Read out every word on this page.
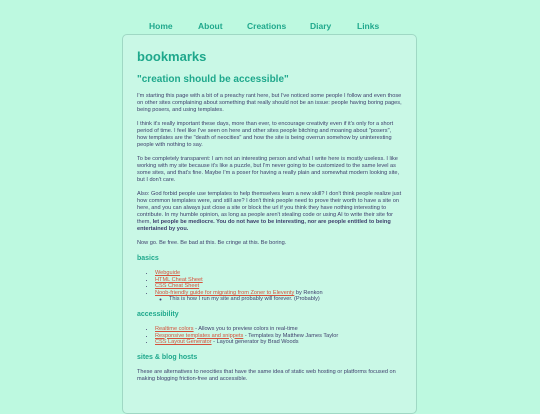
Home	About	Creations	Diary	Links
bookmarks
"creation should be accessible"

I'm starting this page with a bit of a preachy rant here, but I've noticed some people I follow and even those on other sites complaining about something that really should not be an issue: people having boring pages, being posers, and using templates.

I think it's really important these days, more than ever, to encourage creativity even if it's only for a short period of time. I feel like I've seen on here and other sites people bitching and moaning about "posers", how templates are the "death of neocities" and how the site is being overrun somehow by uninteresting people with nothing to say.

To be completely transparent: I am not an interesting person and what I write here is mostly useless. I like working with my site because it's like a puzzle, but I'm never going to be customized to the same level as some sites, and that's fine. Maybe I'm a poser for having a really plain and somewhat modern looking site, but I don't care.

Also: God forbid people use templates to help themselves learn a new skill? I don't think people realize just how common templates were, and still are? I don't think people need to prove their worth to have a site on here, and you can always just close a site or block the url if you think they have nothing interesting to contribute. In my humble opinion, as long as people aren't stealing code or using AI to write their site for them, let people be mediocre. You do not have to be interesting, nor are people entitled to being entertained by you.

Now go. Be free. Be bad at this. Be cringe at this. Be boring.

basics
• Webguide
• HTML Cheat Sheet
• CSS Cheat Sheet
• Noob-friendly guide for migrating from Zoner to Eleventy by Renkon
◦ This is how I run my site and probably will forever. (Probably)
accessibility
• Realtime colors - Allows you to preview colors in real-time
• Responsive templates and snippets - Templates by Matthew James Taylor
• CSS Layout Generator - Layout generator by Brad Woods
sites & blog hosts

These are alternatives to neocities that have the same idea of static web hosting or platforms focused on making blogging friction-free and accessible.
